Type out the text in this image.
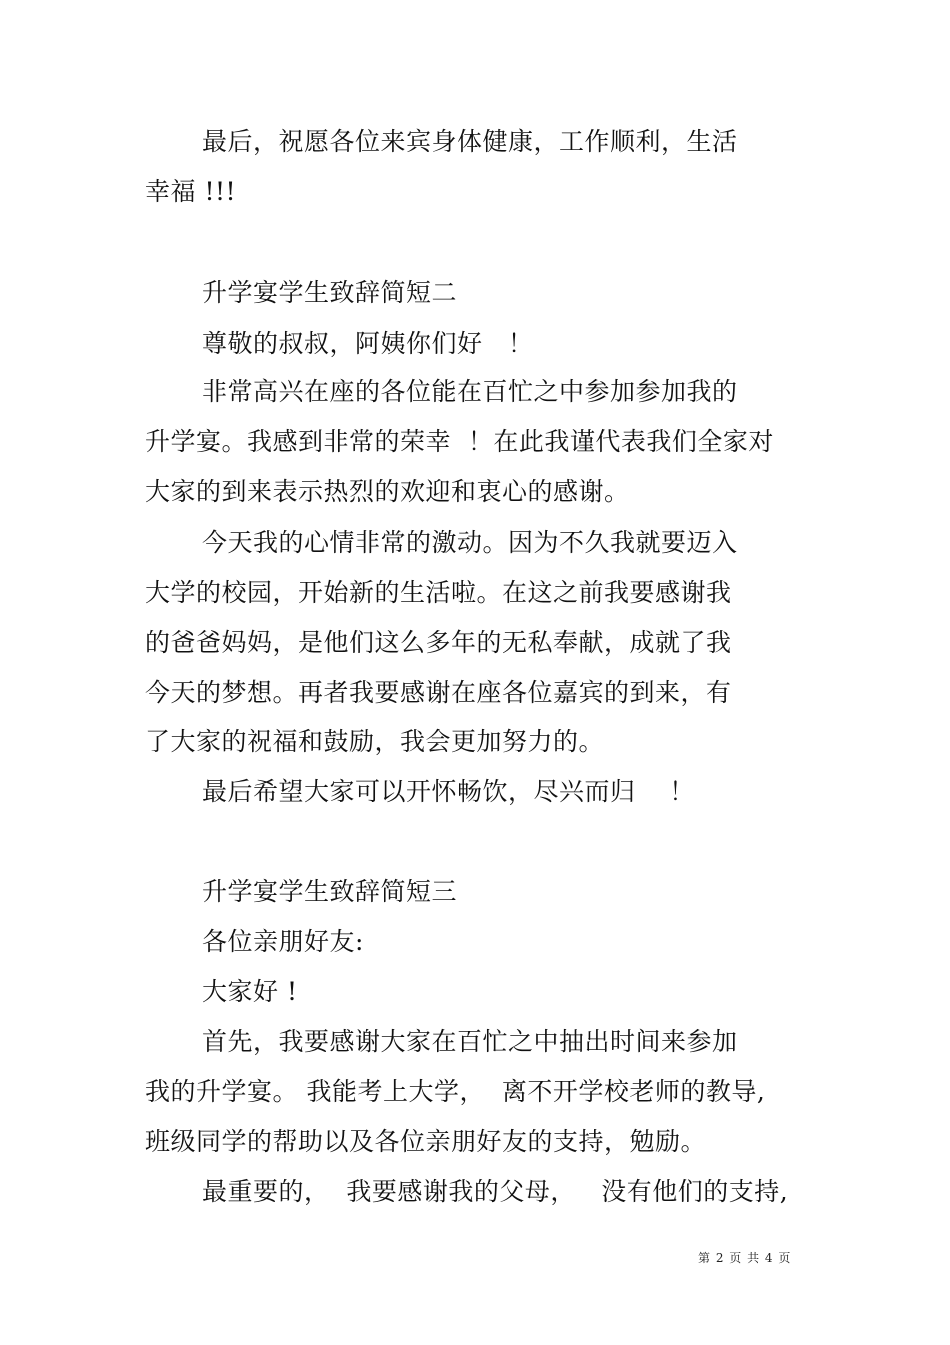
最后，祝愿各位来宾身体健康，工作顺利，生活
幸福 !!!
升学宴学生致辞简短二
尊敬的叔叔，阿姨你们好   ！
非常高兴在座的各位能在百忙之中参加参加我的
升学宴。我感到非常的荣幸  ！在此我谨代表我们全家对
大家的到来表示热烈的欢迎和衷心的感谢。
今天我的心情非常的激动。因为不久我就要迈入
大学的校园，开始新的生活啦。在这之前我要感谢我
的爸爸妈妈，是他们这么多年的无私奉献，成就了我
今天的梦想。再者我要感谢在座各位嘉宾的到来，有
了大家的祝福和鼓励，我会更加努力的。
最后希望大家可以开怀畅饮，尽兴而归    ！
升学宴学生致辞简短三
各位亲朋好友:
大家好 !
首先，我要感谢大家在百忙之中抽出时间来参加
我的升学宴。 我能考上大学，  离不开学校老师的教导,
班级同学的帮助以及各位亲朋好友的支持，勉励。
最重要的，  我要感谢我的父母，   没有他们的支持,
第 2 页 共 4 页
